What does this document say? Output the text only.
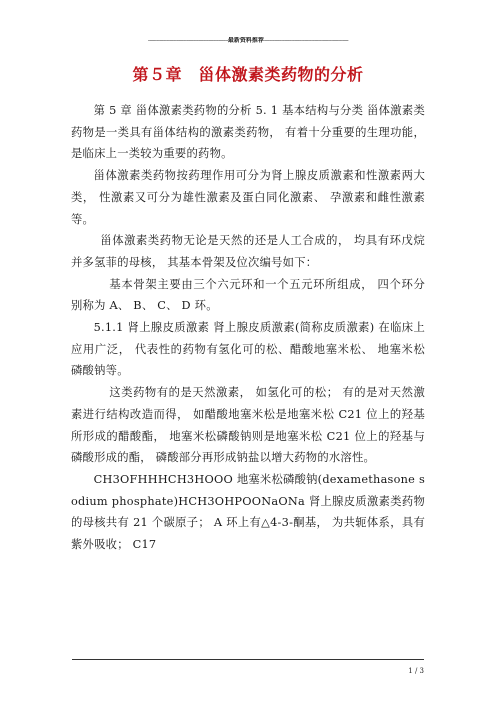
--------------------------------------------------------最新资料推荐-----------------------------------------------------------
第５章　甾体激素类药物的分析

第 5 章 甾体激素类药物的分析 5. 1 基本结构与分类 甾体激素类药物是一类具有甾体结构的激素类药物， 有着十分重要的生理功能， 是临床上一类较为重要的药物。

甾体激素类药物按药理作用可分为肾上腺皮质激素和性激素两大类， 性激素又可分为雄性激素及蛋白同化激素、 孕激素和雌性激素等。

甾体激素类药物无论是天然的还是人工合成的， 均具有环戊烷并多氢菲的母核， 其基本骨架及位次编号如下：

基本骨架主要由三个六元环和一个五元环所组成， 四个环分别称为 A、 B、 C、 D 环。

5.1.1 肾上腺皮质激素 肾上腺皮质激素(简称皮质激素) 在临床上应用广泛， 代表性的药物有氢化可的松、醋酸地塞米松、 地塞米松磷酸钠等。

这类药物有的是天然激素， 如氢化可的松； 有的是对天然激素进行结构改造而得， 如醋酸地塞米松是地塞米松 C21 位上的羟基所形成的醋酸酯， 地塞米松磷酸钠则是地塞米松 C21 位上的羟基与磷酸形成的酯， 磷酸部分再形成钠盐以增大药物的水溶性。

CH3OFHHHCH3HOOO 地塞米松磷酸钠(dexamethasone sodium phosphate)HCH3OHPOONaONa 肾上腺皮质激素类药物的母核共有 21 个碳原子； A 环上有△4-3-酮基， 为共轭体系，具有紫外吸收； C17

1 / 3
